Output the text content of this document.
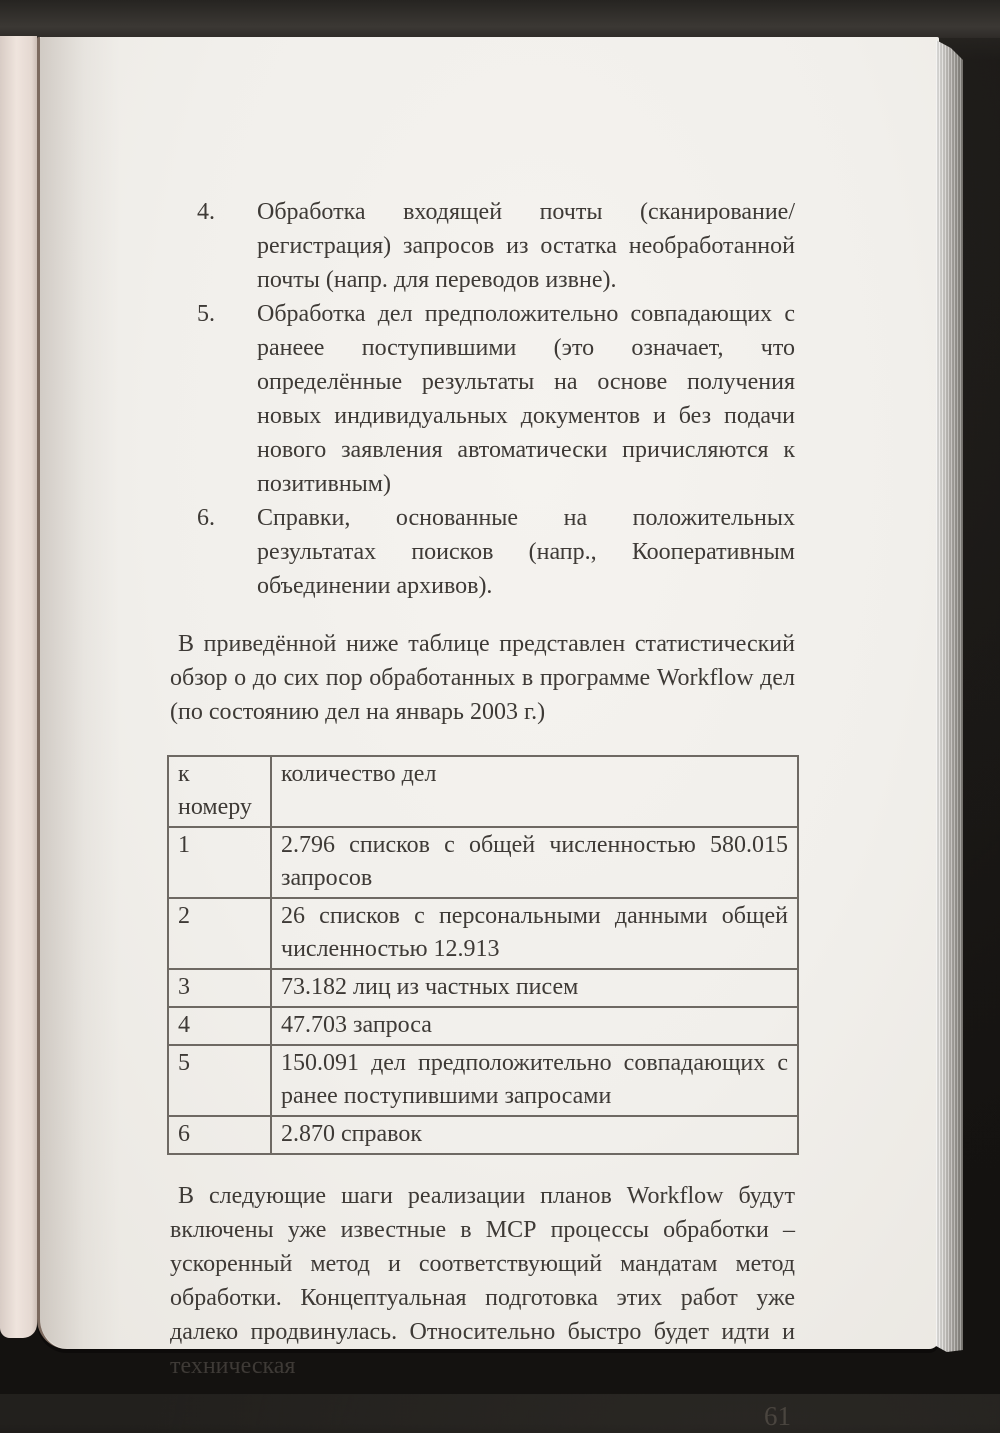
4. Обработка входящей почты (сканирование/регистрация) запросов из остатка необработанной почты (напр. для переводов извне).
5. Обработка дел предположительно совпадающих с ранеее поступившими (это означает, что определённые результаты на основе получения новых индивидуальных документов и без подачи нового заявления автоматически причисляются к позитивным)
6. Справки, основанные на положительных результатах поисков (напр., Кооперативным объединении архивов).

В приведённой ниже таблице представлен статистический обзор о до сих пор обработанных в программе Workflow дел (по состоянию дел на январь 2003 г.)

к номеру	количество дел
1	2.796 списков с общей численностью 580.015 запросов
2	26 списков с персональными данными общей численностью 12.913
3	73.182 лиц из частных писем
4	47.703 запроса
5	150.091 дел предположительно совпадающих с ранее поступившими запросами
6	2.870 справок

В следующие шаги реализации планов Workflow будут включены уже известные в МСР процессы обработки – ускоренный метод и соответствующий мандатам метод обработки. Концептуальная подготовка этих работ уже далеко продвинулась. Относительно быстро будет идти и техническая

61
